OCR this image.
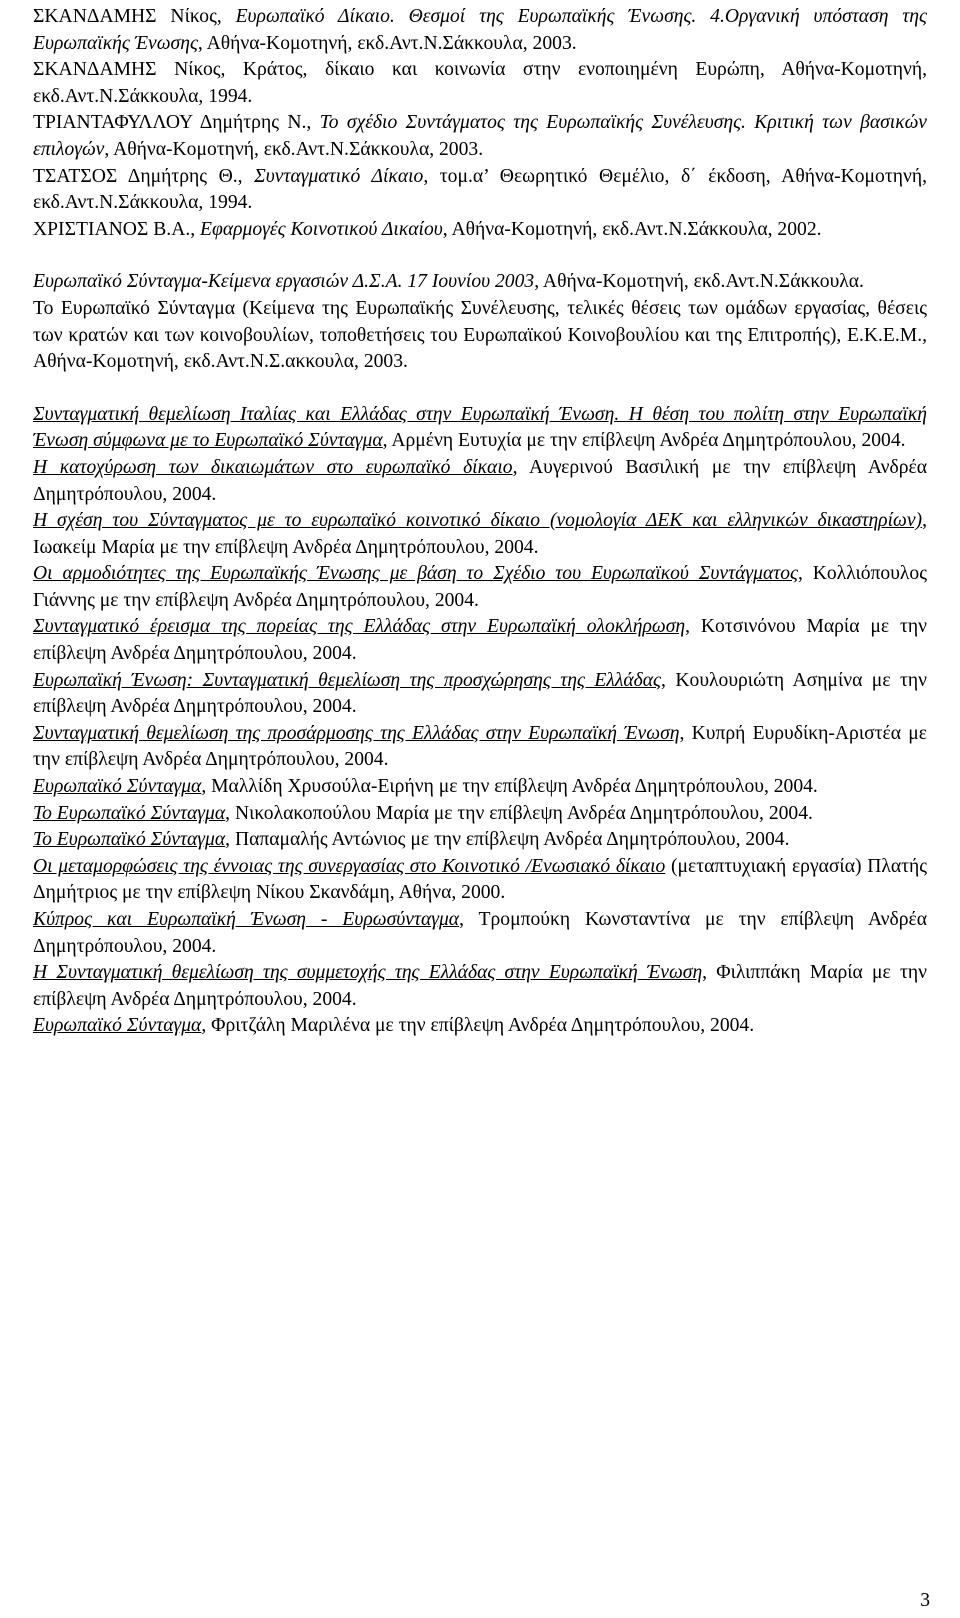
ΣΚΑΝΔΑΜΗΣ Νίκος, Ευρωπαϊκό Δίκαιο. Θεσμοί της Ευρωπαϊκής Ένωσης. 4.Οργανική υπόσταση της Ευρωπαϊκής Ένωσης, Αθήνα-Κομοτηνή, εκδ.Αντ.Ν.Σάκκουλα, 2003.

ΣΚΑΝΔΑΜΗΣ Νίκος, Κράτος, δίκαιο και κοινωνία στην ενοποιημένη Ευρώπη, Αθήνα-Κομοτηνή, εκδ.Αντ.Ν.Σάκκουλα, 1994.

ΤΡΙΑΝΤΑΦΥΛΛΟΥ Δημήτρης Ν., Το σχέδιο Συντάγματος της Ευρωπαϊκής Συνέλευσης. Κριτική των βασικών επιλογών, Αθήνα-Κομοτηνή, εκδ.Αντ.Ν.Σάκκουλα, 2003.

ΤΣΑΤΣΟΣ Δημήτρης Θ., Συνταγματικό Δίκαιο, τομ.α’ Θεωρητικό Θεμέλιο, δ΄ έκδοση, Αθήνα-Κομοτηνή, εκδ.Αντ.Ν.Σάκκουλα, 1994.

ΧΡΙΣΤΙΑΝΟΣ Β.Α., Εφαρμογές Κοινοτικού Δικαίου, Αθήνα-Κομοτηνή, εκδ.Αντ.Ν.Σάκκουλα, 2002.

Ευρωπαϊκό Σύνταγμα-Κείμενα εργασιών Δ.Σ.Α. 17 Ιουνίου 2003, Αθήνα-Κομοτηνή, εκδ.Αντ.Ν.Σάκκουλα.

Το Ευρωπαϊκό Σύνταγμα (Κείμενα της Ευρωπαϊκής Συνέλευσης, τελικές θέσεις των ομάδων εργασίας, θέσεις των κρατών και των κοινοβουλίων, τοποθετήσεις του Ευρωπαϊκού Κοινοβουλίου και της Επιτροπής), Ε.Κ.Ε.Μ., Αθήνα-Κομοτηνή, εκδ.Αντ.Ν.Σ.ακκουλα, 2003.

Συνταγματική θεμελίωση Ιταλίας και Ελλάδας στην Ευρωπαϊκή Ένωση. Η θέση του πολίτη στην Ευρωπαϊκή Ένωση σύμφωνα με το Ευρωπαϊκό Σύνταγμα, Αρμένη Ευτυχία με την επίβλεψη Ανδρέα Δημητρόπουλου, 2004.

Η κατοχύρωση των δικαιωμάτων στο ευρωπαϊκό δίκαιο, Αυγερινού Βασιλική με την επίβλεψη Ανδρέα Δημητρόπουλου, 2004.

Η σχέση του Σύνταγματος με το ευρωπαϊκό κοινοτικό δίκαιο (νομολογία ΔΕΚ και ελληνικών δικαστηρίων), Ιωακείμ Μαρία με την επίβλεψη Ανδρέα Δημητρόπουλου, 2004.

Οι αρμοδιότητες της Ευρωπαϊκής Ένωσης με βάση το Σχέδιο του Ευρωπαϊκού Συντάγματος, Κολλιόπουλος Γιάννης με την επίβλεψη Ανδρέα Δημητρόπουλου, 2004.

Συνταγματικό έρεισμα της πορείας της Ελλάδας στην Ευρωπαϊκή ολοκλήρωση, Κοτσινόνου Μαρία με την επίβλεψη Ανδρέα Δημητρόπουλου, 2004.

Ευρωπαϊκή Ένωση: Συνταγματική θεμελίωση της προσχώρησης της Ελλάδας, Κουλουριώτη Ασημίνα με την επίβλεψη Ανδρέα Δημητρόπουλου, 2004.

Συνταγματική θεμελίωση της προσάρμοσης της Ελλάδας στην Ευρωπαϊκή Ένωση, Κυπρή Ευρυδίκη-Αριστέα με την επίβλεψη Ανδρέα Δημητρόπουλου, 2004.

Ευρωπαϊκό Σύνταγμα, Μαλλίδη Χρυσούλα-Ειρήνη με την επίβλεψη Ανδρέα Δημητρόπουλου, 2004.

Το Ευρωπαϊκό Σύνταγμα, Νικολακοπούλου Μαρία με την επίβλεψη Ανδρέα Δημητρόπουλου, 2004.

Το Ευρωπαϊκό Σύνταγμα, Παπαμαλής Αντώνιος με την επίβλεψη Ανδρέα Δημητρόπουλου, 2004.

Οι μεταμορφώσεις της έννοιας της συνεργασίας στο Κοινοτικό /Ενωσιακό δίκαιο (μεταπτυχιακή εργασία) Πλατής Δημήτριος με την επίβλεψη Νίκου Σκανδάμη, Αθήνα, 2000.

Κύπρος και Ευρωπαϊκή Ένωση - Ευρωσύνταγμα, Τρομπούκη Κωνσταντίνα με την επίβλεψη Ανδρέα Δημητρόπουλου, 2004.

Η Συνταγματική θεμελίωση της συμμετοχής της Ελλάδας στην Ευρωπαϊκή Ένωση, Φιλιππάκη Μαρία με την επίβλεψη Ανδρέα Δημητρόπουλου, 2004.

Ευρωπαϊκό Σύνταγμα, Φριτζάλη Μαριλένα με την επίβλεψη Ανδρέα Δημητρόπουλου, 2004.

3
